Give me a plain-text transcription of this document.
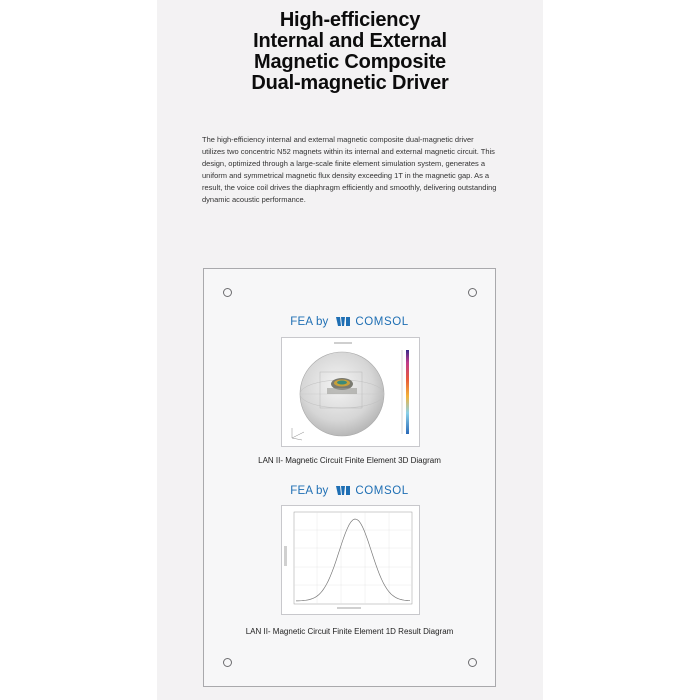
High-efficiency
Internal and External
Magnetic Composite
Dual-magnetic Driver

The high-efficiency internal and external magnetic composite dual-magnetic driver utilizes two concentric N52 magnets within its internal and external magnetic circuit. This design, optimized through a large-scale finite element simulation system, generates a uniform and symmetrical magnetic flux density exceeding 1T in the magnetic gap. As a result, the voice coil drives the diaphragm efficiently and smoothly, delivering outstanding dynamic acoustic performance.

FEA by COMSOL
LAN II- Magnetic Circuit Finite Element 3D Diagram
FEA by COMSOL
LAN II- Magnetic Circuit Finite Element 1D Result Diagram
